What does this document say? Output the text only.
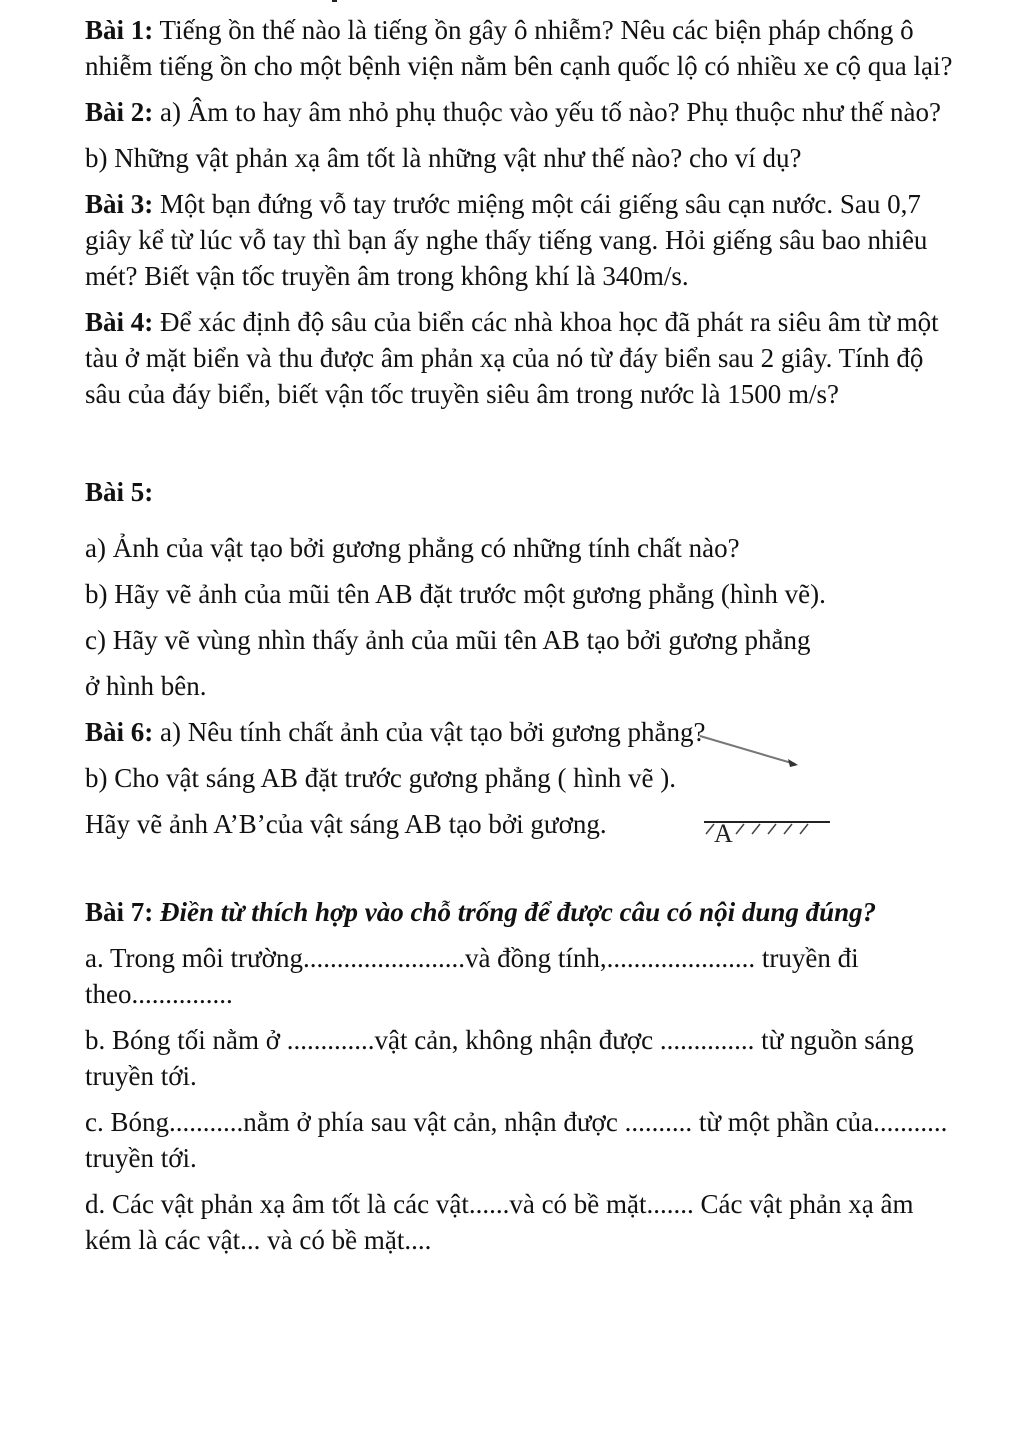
Bài 1: Tiếng ồn thế nào là tiếng ồn gây ô nhiễm? Nêu các biện pháp chống ô nhiễm tiếng ồn cho một bệnh viện nằm bên cạnh quốc lộ có nhiều xe cộ qua lại?

Bài 2: a) Âm to hay âm nhỏ phụ thuộc vào yếu tố nào? Phụ thuộc như thế nào?

b) Những vật phản xạ âm tốt là những vật như thế nào? cho ví dụ?

Bài 3: Một bạn đứng vỗ tay trước miệng một cái giếng sâu cạn nước. Sau 0,7 giây kể từ lúc vỗ tay thì bạn ấy nghe thấy tiếng vang. Hỏi giếng sâu bao nhiêu mét? Biết vận tốc truyền âm trong không khí là 340m/s.

Bài 4: Để xác định độ sâu của biển các nhà khoa học đã phát ra siêu âm từ một tàu ở mặt biển và thu được âm phản xạ của nó từ đáy biển sau 2 giây. Tính độ sâu của đáy biển, biết vận tốc truyền siêu âm trong nước là 1500 m/s?

Bài 5:

a) Ảnh của vật tạo bởi gương phẳng có những tính chất nào?

b) Hãy vẽ ảnh của mũi tên AB đặt trước một gương phẳng (hình vẽ).

c) Hãy vẽ vùng nhìn thấy ảnh của mũi tên AB tạo bởi gương phẳng

ở hình bên.

Bài 6: a) Nêu tính chất ảnh của vật tạo bởi gương phẳng?

b) Cho vật sáng AB đặt trước gương phẳng ( hình vẽ ).

Hãy vẽ ảnh A’B’của vật sáng AB tạo bởi gương.	A

Bài 7: Điền từ thích hợp vào chỗ trống để được câu có nội dung đúng?

a. Trong môi trường........................và đồng tính,...................... truyền đi theo...............

b. Bóng tối nằm ở .............vật cản, không nhận được .............. từ nguồn sáng truyền tới.

c. Bóng...........nằm ở phía sau vật cản, nhận được .......... từ một phần của........... truyền tới.

d. Các vật phản xạ âm tốt là các vật......và có bề mặt....... Các vật phản xạ âm kém là các vật... và có bề mặt....
